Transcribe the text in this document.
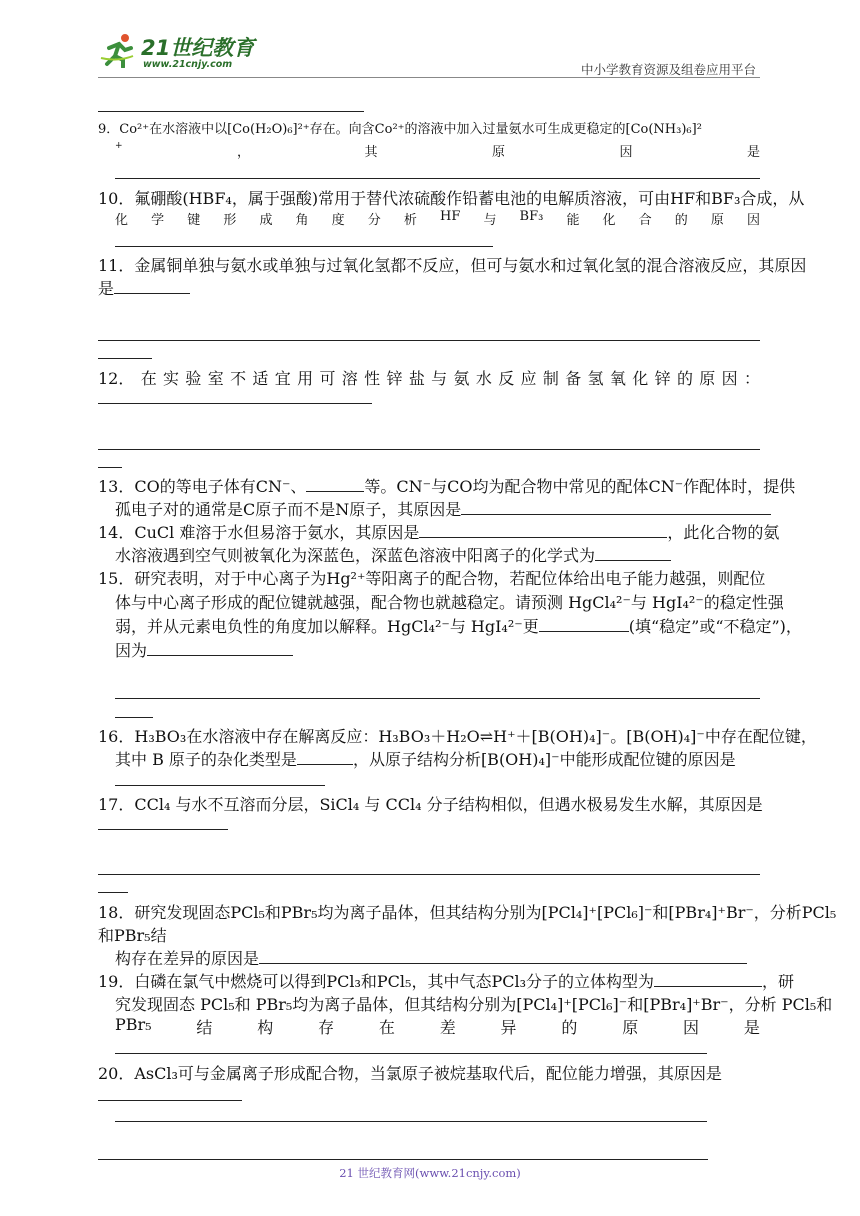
21世纪教育
www.21cnjy.com	中小学教育资源及组卷应用平台
9．Co²⁺在水溶液中以[Co(H₂O)₆]²⁺存在。向含Co²⁺的溶液中加入过量氨水可生成更稳定的[Co(NH₃)₆]²
+	，	其	原	因	是
10．氟硼酸(HBF₄，属于强酸)常用于替代浓硫酸作铅蓄电池的电解质溶液，可由HF和BF₃合成，从
化 学 键 形 成 角 度 分 析 HF 与 BF₃ 能 化 合 的 原 因
11．金属铜单独与氨水或单独与过氧化氢都不反应，但可与氨水和过氧化氢的混合溶液反应，其原因
是
12． 在 实 验 室 不 适 宜 用 可 溶 性 锌 盐 与 氨 水 反 应 制 备 氢 氧 化 锌 的 原 因 ：
13．CO的等电子体有CN⁻、	等。CN⁻与CO均为配合物中常见的配体CN⁻作配体时，提供
孤电子对的通常是C原子而不是N原子，其原因是
14．CuCl 难溶于水但易溶于氨水，其原因是	，此化合物的氨
水溶液遇到空气则被氧化为深蓝色，深蓝色溶液中阳离子的化学式为
15．研究表明，对于中心离子为Hg²⁺等阳离子的配合物，若配位体给出电子能力越强，则配位
体与中心离子形成的配位键就越强，配合物也就越稳定。请预测 HgCl₄²⁻与 HgI₄²⁻的稳定性强
弱，并从元素电负性的角度加以解释。HgCl₄²⁻与 HgI₄²⁻更	(填“稳定”或“不稳定”)，
因为
16．H₃BO₃在水溶液中存在解离反应：H₃BO₃＋H₂O⇌H⁺＋[B(OH)₄]⁻。[B(OH)₄]⁻中存在配位键，
其中 B 原子的杂化类型是	，从原子结构分析[B(OH)₄]⁻中能形成配位键的原因是
17．CCl₄ 与水不互溶而分层，SiCl₄ 与 CCl₄ 分子结构相似，但遇水极易发生水解，其原因是
18．研究发现固态PCl₅和PBr₅均为离子晶体，但其结构分别为[PCl₄]⁺[PCl₆]⁻和[PBr₄]⁺Br⁻，分析PCl₅
和PBr₅结
构存在差异的原因是
19．白磷在氯气中燃烧可以得到PCl₃和PCl₅，其中气态PCl₃分子的立体构型为	，研
究发现固态 PCl₅和 PBr₅均为离子晶体，但其结构分别为[PCl₄]⁺[PCl₆]⁻和[PBr₄]⁺Br⁻，分析 PCl₅和
PBr₅	结	构	存	在	差	异	的	原	因	是
20．AsCl₃可与金属离子形成配合物，当氯原子被烷基取代后，配位能力增强，其原因是
21 世纪教育网(www.21cnjy.com)
